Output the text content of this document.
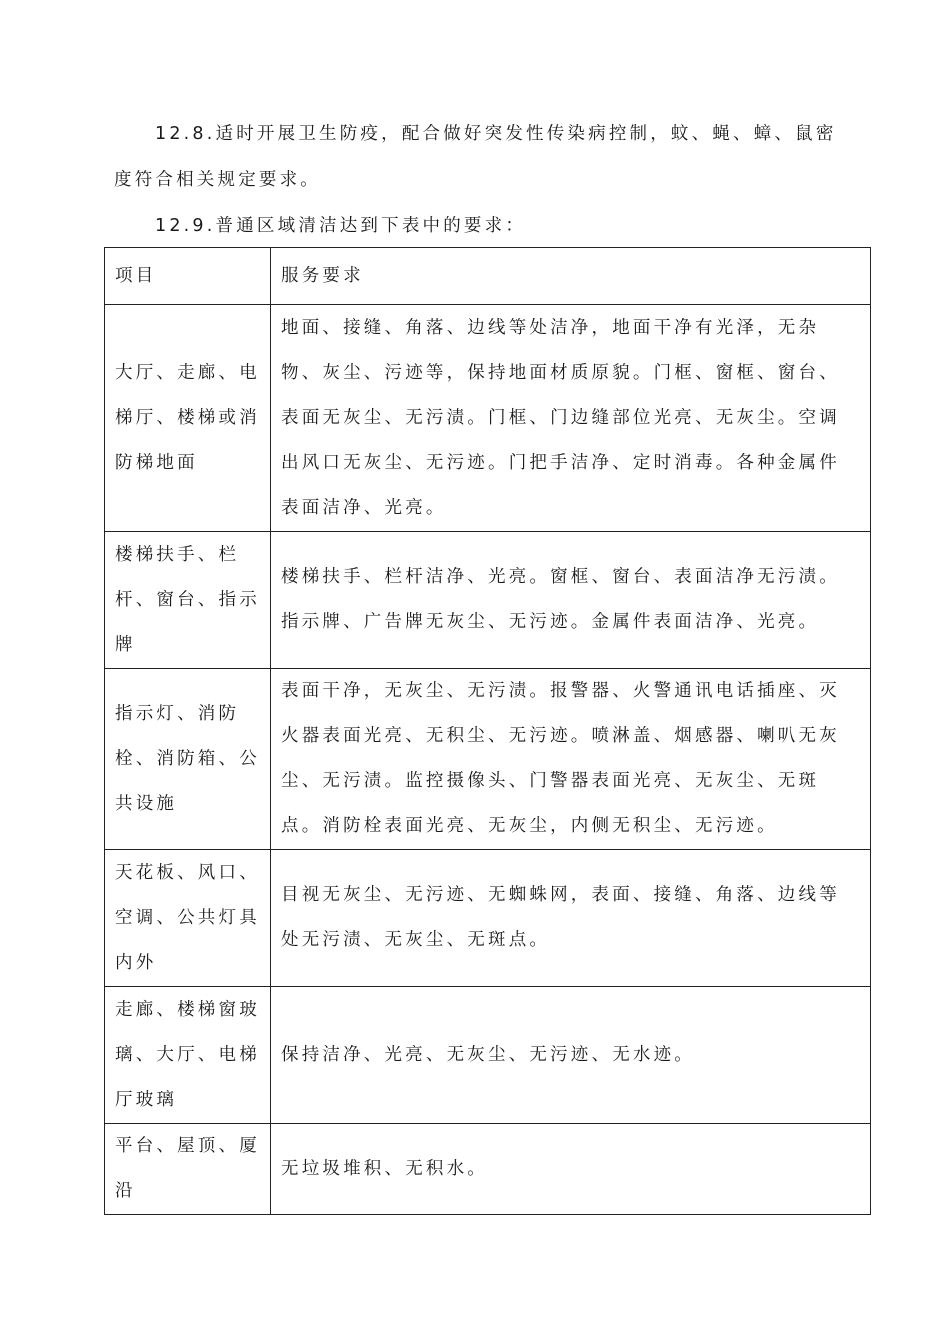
12.8.适时开展卫生防疫，配合做好突发性传染病控制，蚊、蝇、蟑、鼠密
度符合相关规定要求。
12.9.普通区域清洁达到下表中的要求：
项目	服务要求
大厅、走廊、电梯厅、楼梯或消防梯地面	地面、接缝、角落、边线等处洁净，地面干净有光泽，无杂物、灰尘、污迹等，保持地面材质原貌。门框、窗框、窗台、表面无灰尘、无污渍。门框、门边缝部位光亮、无灰尘。空调出风口无灰尘、无污迹。门把手洁净、定时消毒。各种金属件表面洁净、光亮。
楼梯扶手、栏杆、窗台、指示牌	楼梯扶手、栏杆洁净、光亮。窗框、窗台、表面洁净无污渍。指示牌、广告牌无灰尘、无污迹。金属件表面洁净、光亮。
指示灯、消防栓、消防箱、公共设施	表面干净，无灰尘、无污渍。报警器、火警通讯电话插座、灭火器表面光亮、无积尘、无污迹。喷淋盖、烟感器、喇叭无灰尘、无污渍。监控摄像头、门警器表面光亮、无灰尘、无斑点。消防栓表面光亮、无灰尘，内侧无积尘、无污迹。
天花板、风口、空调、公共灯具内外	目视无灰尘、无污迹、无蜘蛛网，表面、接缝、角落、边线等处无污渍、无灰尘、无斑点。
走廊、楼梯窗玻璃、大厅、电梯厅玻璃	保持洁净、光亮、无灰尘、无污迹、无水迹。
平台、屋顶、厦沿	无垃圾堆积、无积水。
